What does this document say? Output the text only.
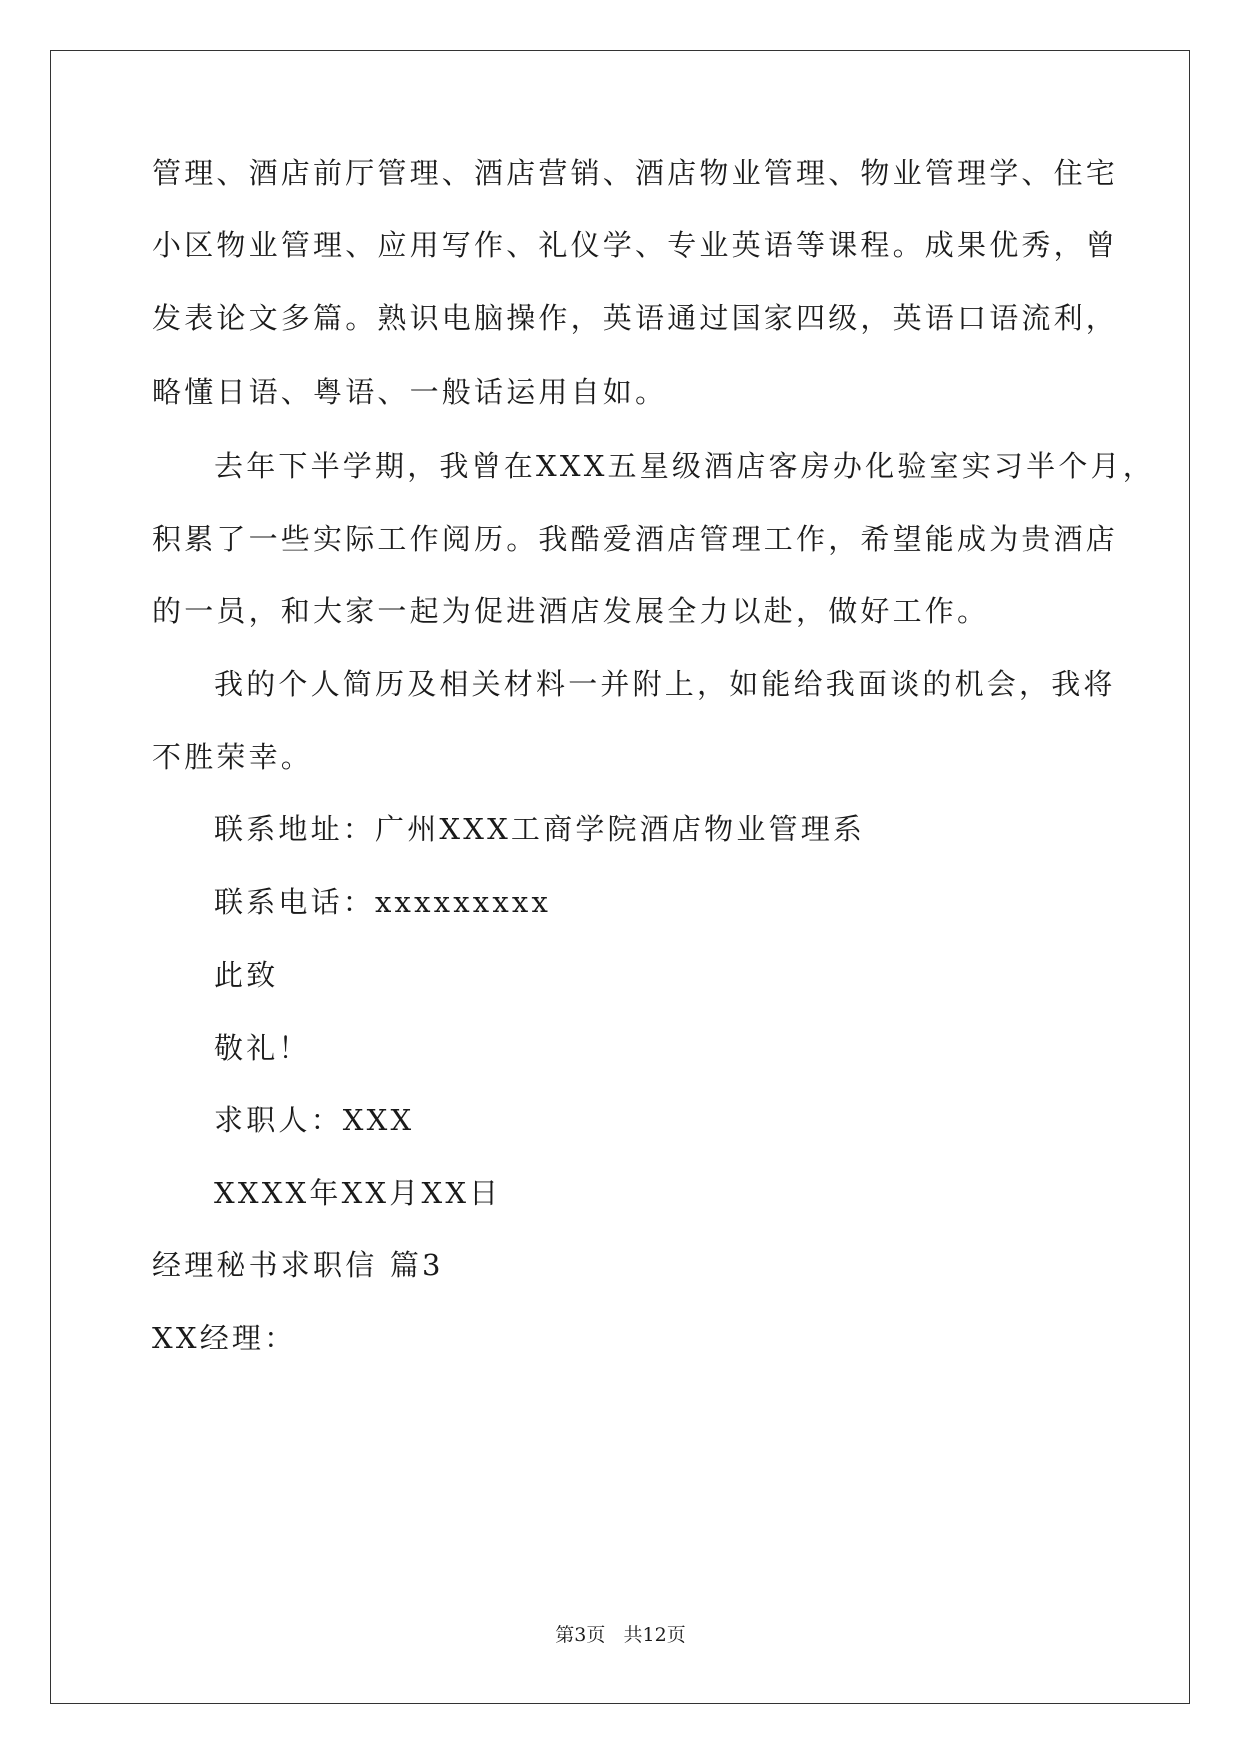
管理、酒店前厅管理、酒店营销、酒店物业管理、物业管理学、住宅
小区物业管理、应用写作、礼仪学、专业英语等课程。成果优秀，曾
发表论文多篇。熟识电脑操作，英语通过国家四级，英语口语流利，
略懂日语、粤语、一般话运用自如。
去年下半学期，我曾在XXX五星级酒店客房办化验室实习半个月，
积累了一些实际工作阅历。我酷爱酒店管理工作，希望能成为贵酒店
的一员，和大家一起为促进酒店发展全力以赴，做好工作。
我的个人简历及相关材料一并附上，如能给我面谈的机会，我将
不胜荣幸。
联系地址：广州XXX工商学院酒店物业管理系
联系电话：xxxxxxxxx
此致
敬礼！
求职人：XXX
XXXX年XX月XX日
经理秘书求职信 篇3
XX经理：
第3页 共12页
